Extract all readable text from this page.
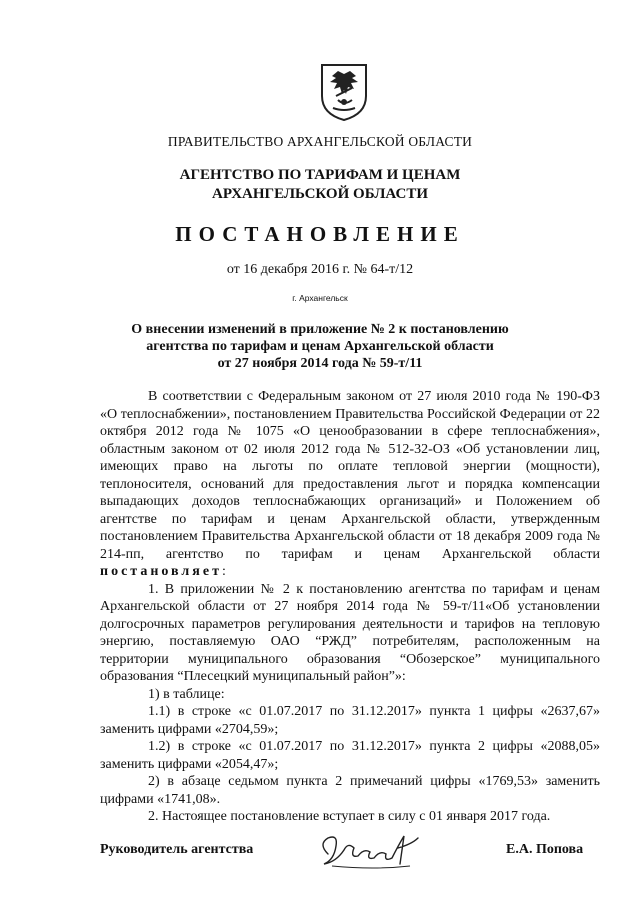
ПРАВИТЕЛЬСТВО АРХАНГЕЛЬСКОЙ ОБЛАСТИ
АГЕНТСТВО ПО ТАРИФАМ И ЦЕНАМ
АРХАНГЕЛЬСКОЙ ОБЛАСТИ
ПОСТАНОВЛЕНИЕ
от 16 декабря 2016 г. № 64-т/12
г. Архангельск
О внесении изменений в приложение № 2 к постановлению
агентства по тарифам и ценам Архангельской области
от 27 ноября 2014 года № 59-т/11

В соответствии с Федеральным законом от 27 июля 2010 года № 190-ФЗ «О теплоснабжении», постановлением Правительства Российской Федерации от 22 октября 2012 года № 1075 «О ценообразовании в сфере теплоснабжения», областным законом от 02 июля 2012 года № 512-32-ОЗ «Об установлении лиц, имеющих право на льготы по оплате тепловой энергии (мощности), теплоносителя, оснований для предоставления льгот и порядка компенсации выпадающих доходов теплоснабжающих организаций» и Положением об агентстве по тарифам и ценам Архангельской области, утвержденным постановлением Правительства Архангельской области от 18 декабря 2009 года № 214-пп, агентство по тарифам и ценам Архангельской области постановляет:

1. В приложении № 2 к постановлению агентства по тарифам и ценам Архангельской области от 27 ноября 2014 года № 59-т/11«Об установлении долгосрочных параметров регулирования деятельности и тарифов на тепловую энергию, поставляемую ОАО “РЖД” потребителям, расположенным на территории муниципального образования “Обозерское” муниципального образования “Плесецкий муниципальный район”»:

1) в таблице:

1.1) в строке «с 01.07.2017 по 31.12.2017» пункта 1 цифры «2637,67» заменить цифрами «2704,59»;

1.2) в строке «с 01.07.2017 по 31.12.2017» пункта 2 цифры «2088,05» заменить цифрами «2054,47»;

2) в абзаце седьмом пункта 2 примечаний цифры «1769,53» заменить цифрами «1741,08».

2. Настоящее постановление вступает в силу с 01 января 2017 года.

Руководитель агентства	Е.А. Попова
